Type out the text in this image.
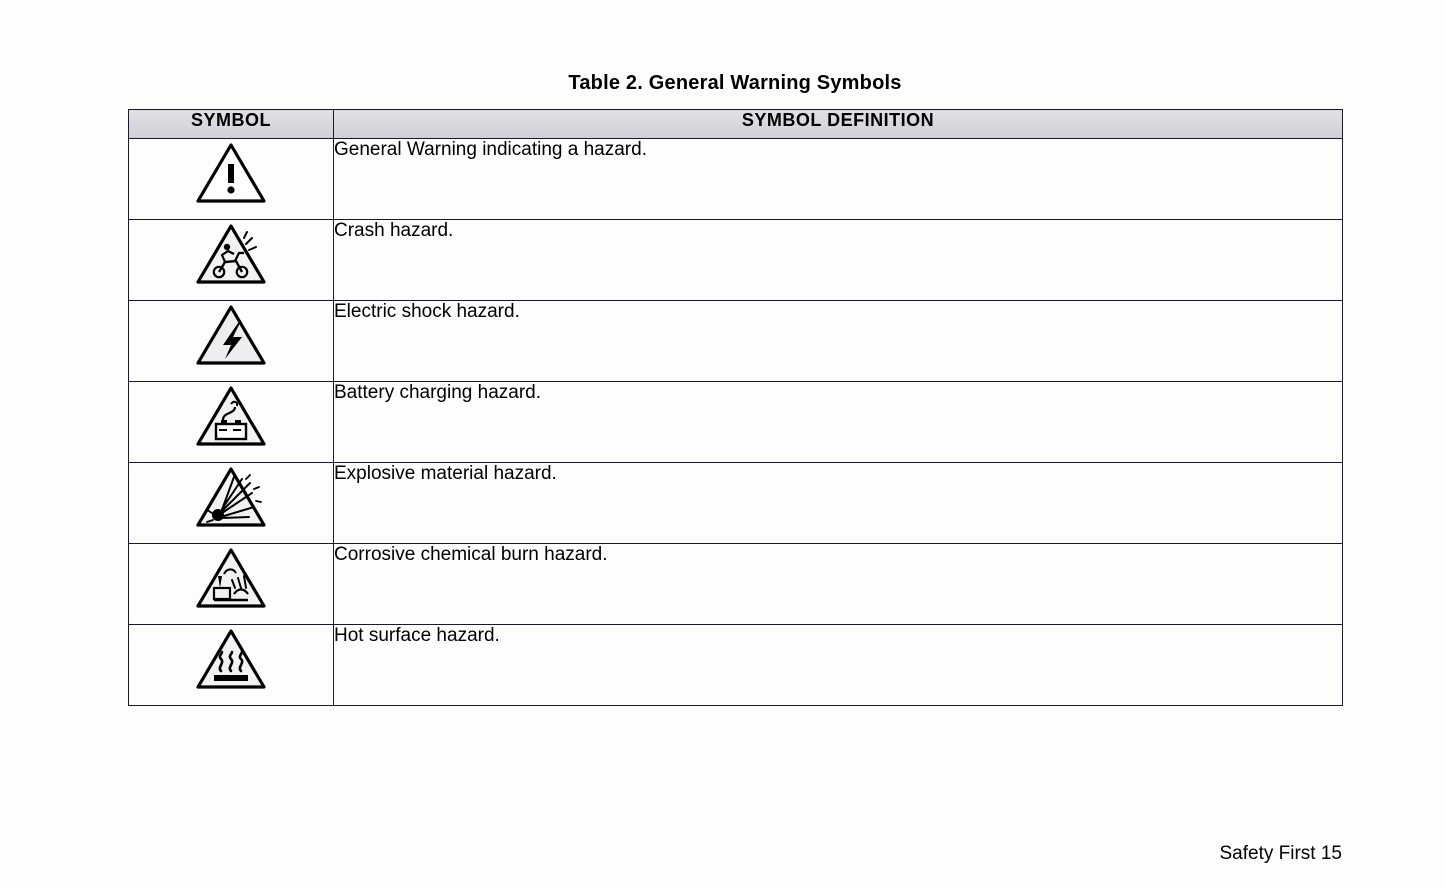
Table 2. General Warning Symbols
SYMBOL	SYMBOL DEFINITION

	General Warning indicating a hazard.

	Crash hazard.

	Electric shock hazard.

	Battery charging hazard.

	Explosive material hazard.

	Corrosive chemical burn hazard.

	Hot surface hazard.
Safety First 15
